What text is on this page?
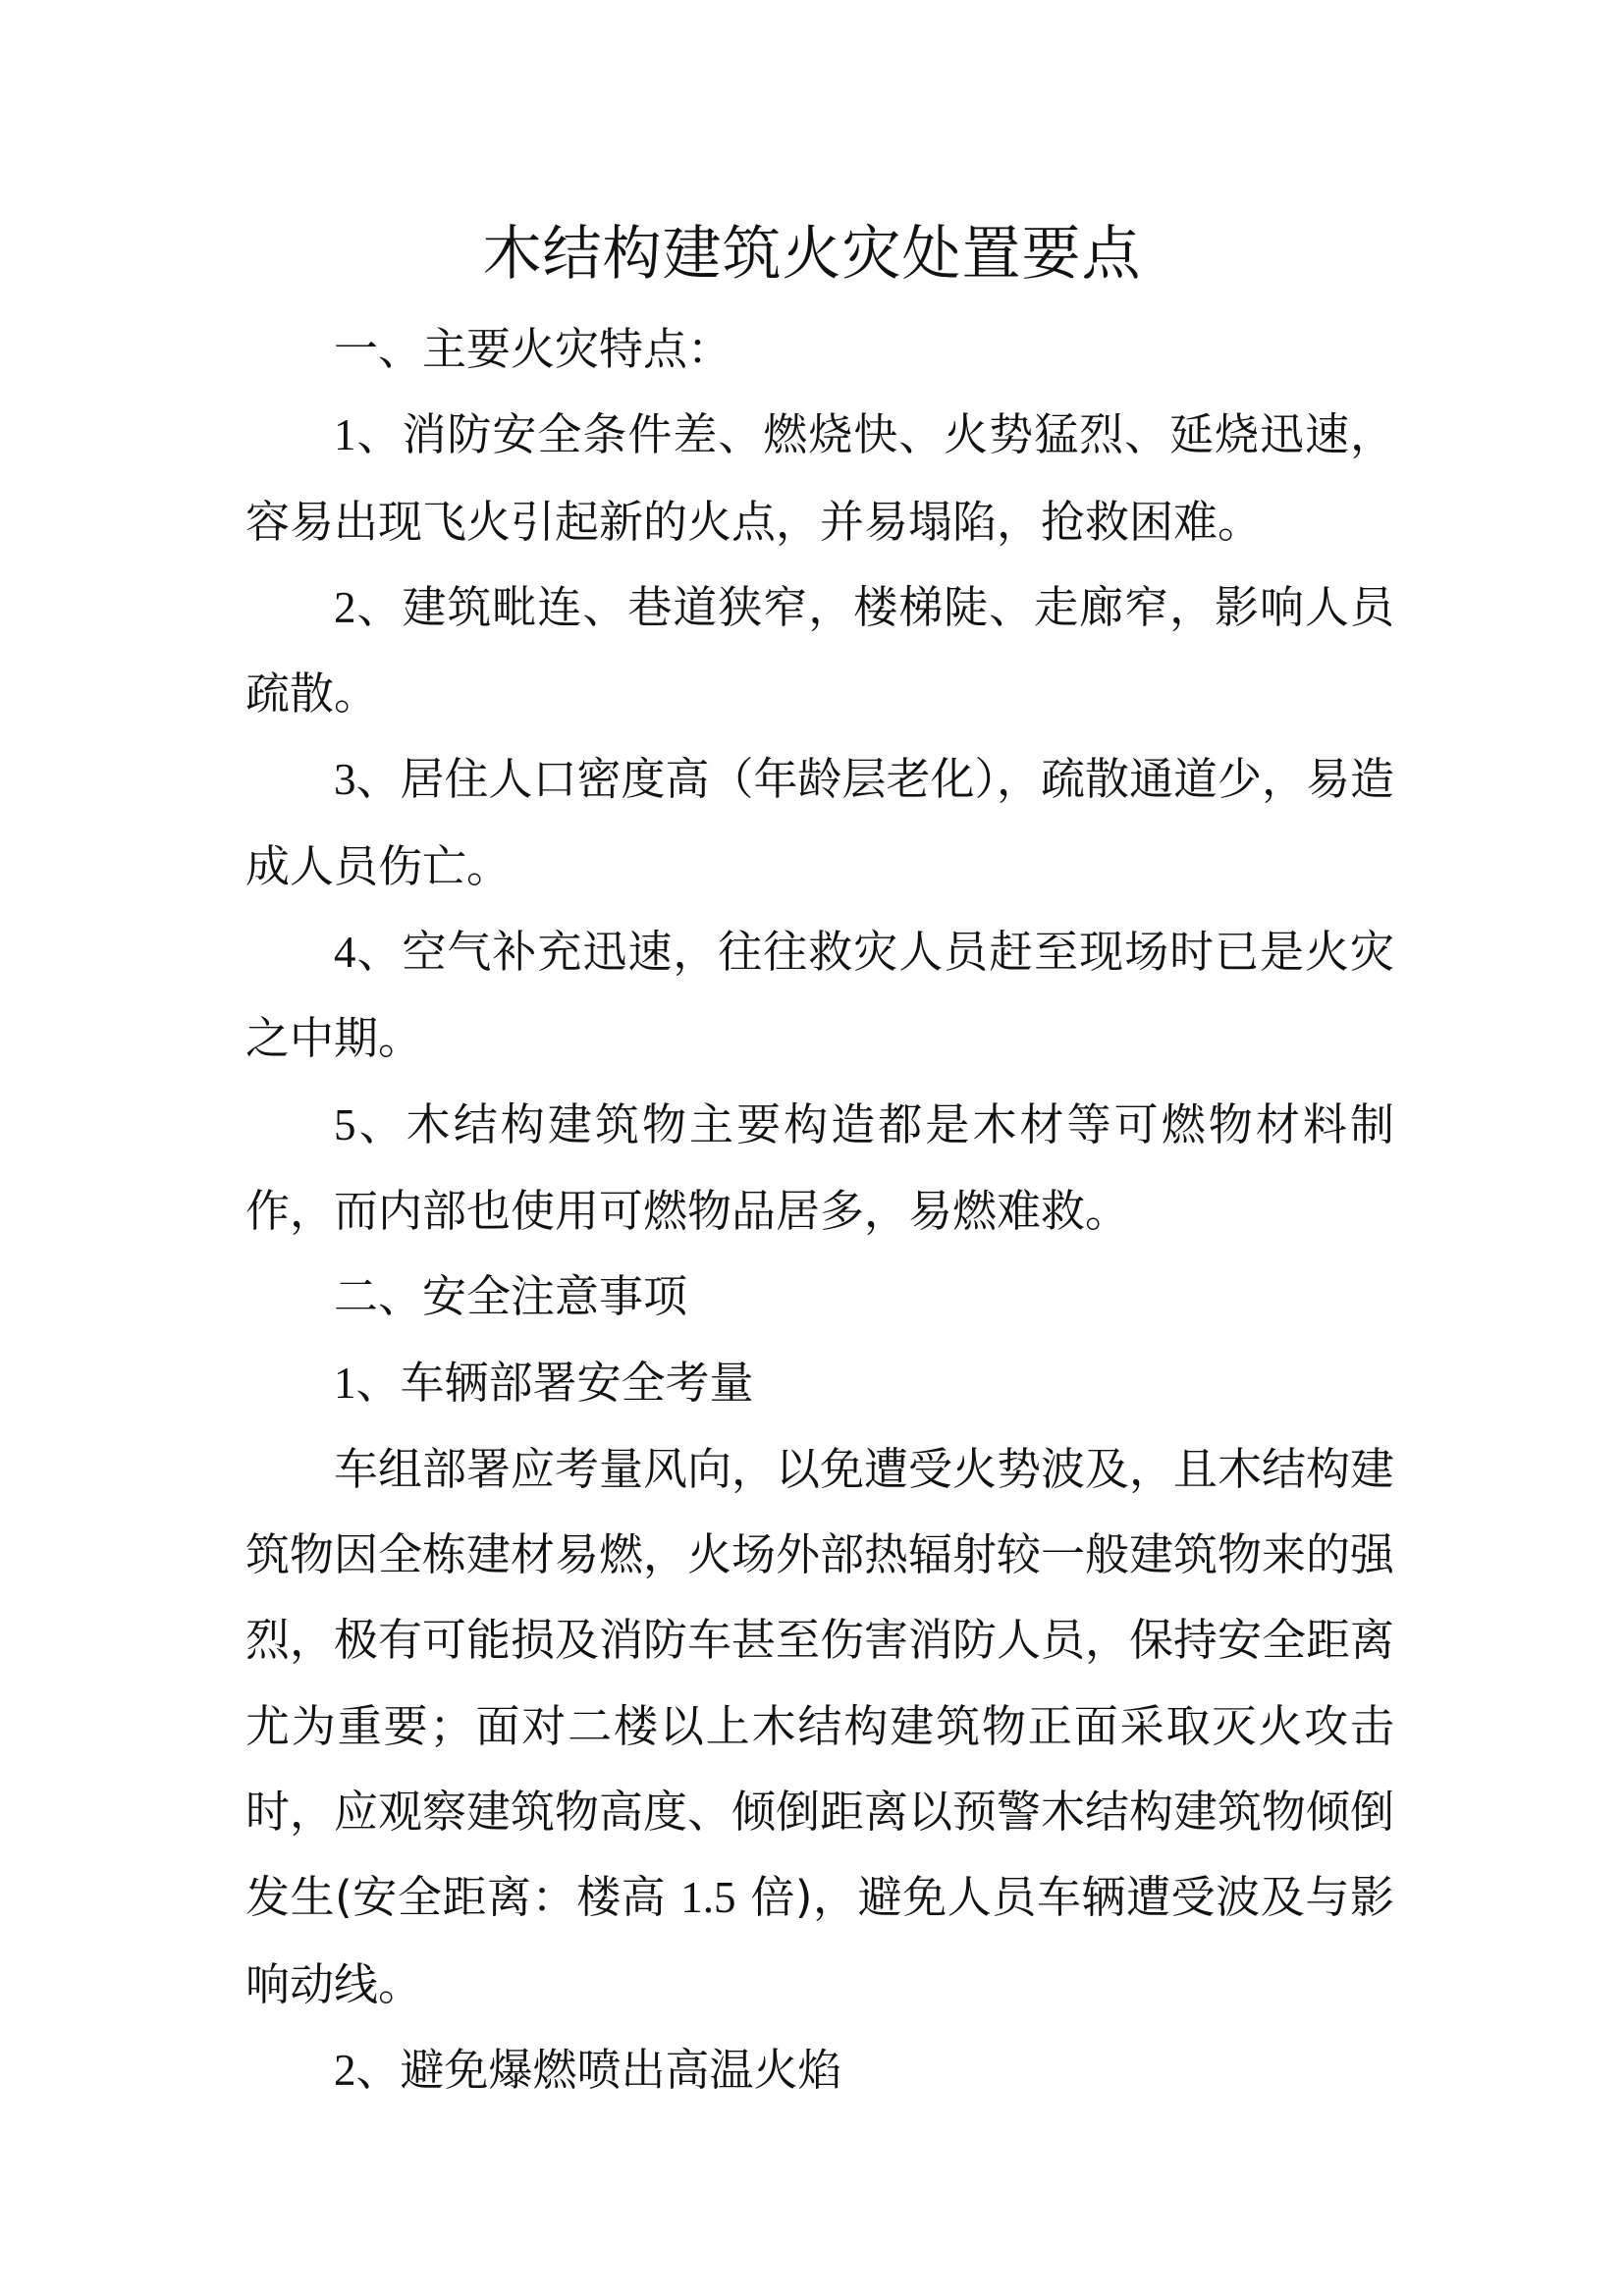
木结构建筑火灾处置要点

一、主要火灾特点：

1、消防安全条件差、燃烧快、火势猛烈、延烧迅速，容易出现飞火引起新的火点，并易塌陷，抢救困难。

2、建筑毗连、巷道狭窄，楼梯陡、走廊窄，影响人员疏散。

3、居住人口密度高（年龄层老化），疏散通道少，易造成人员伤亡。

4、空气补充迅速，往往救灾人员赶至现场时已是火灾之中期。

5、木结构建筑物主要构造都是木材等可燃物材料制作，而内部也使用可燃物品居多，易燃难救。

二、安全注意事项

1、车辆部署安全考量

车组部署应考量风向，以免遭受火势波及，且木结构建筑物因全栋建材易燃，火场外部热辐射较一般建筑物来的强烈，极有可能损及消防车甚至伤害消防人员，保持安全距离尤为重要；面对二楼以上木结构建筑物正面采取灭火攻击时，应观察建筑物高度、倾倒距离以预警木结构建筑物倾倒发生(安全距离：楼高 1.5 倍)，避免人员车辆遭受波及与影响动线。

2、避免爆燃喷出高温火焰
